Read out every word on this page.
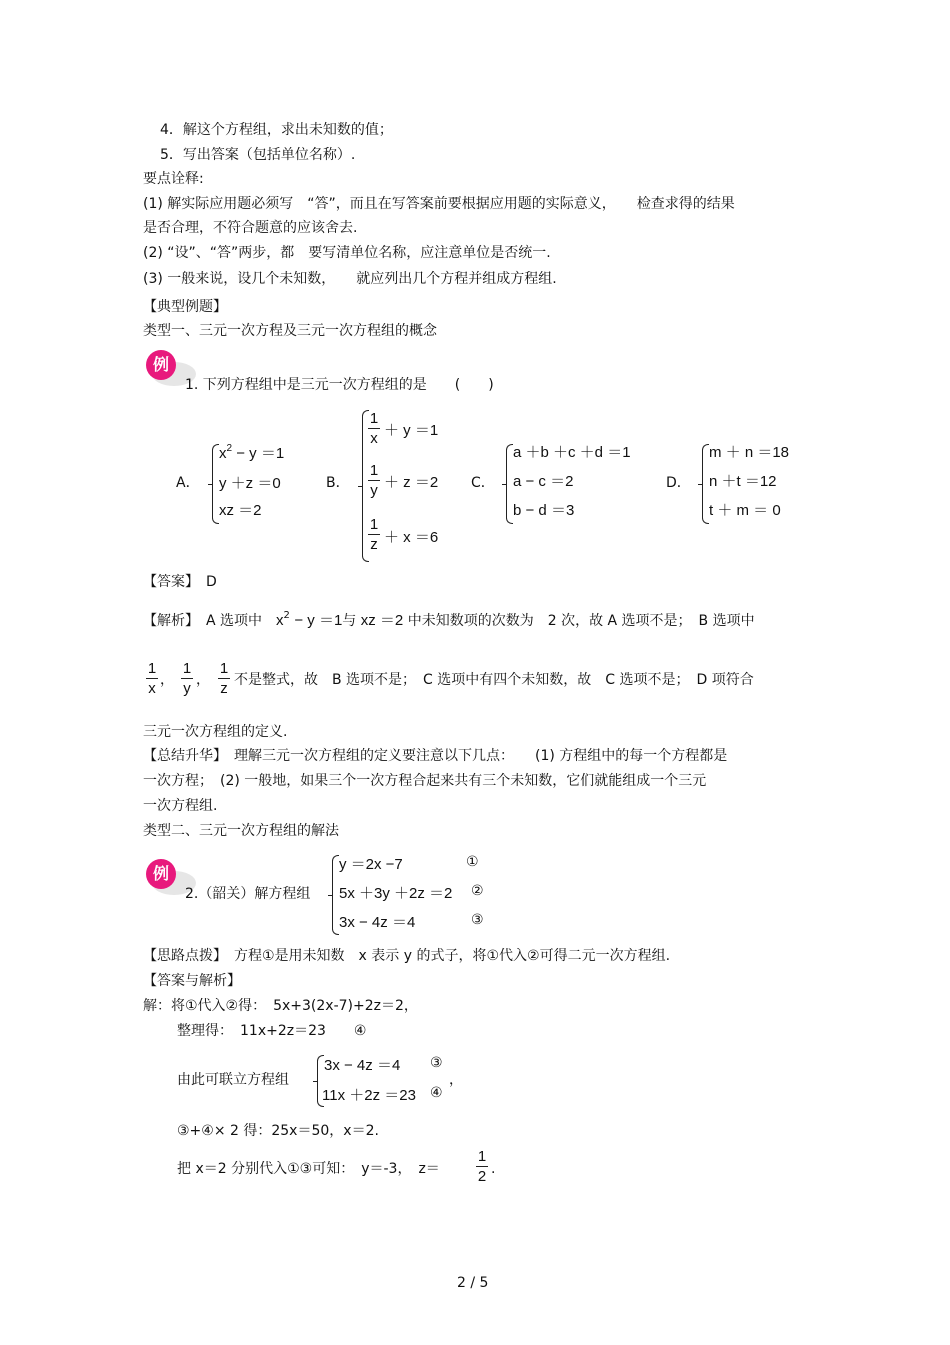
4．解这个方程组，求出未知数的值；
5．写出答案（包括单位名称）.
要点诠释:
(1) 解实际应用题必须写　“答”，而且在写答案前要根据应用题的实际意义，　　检查求得的结果
是否合理，不符合题意的应该舍去.
(2) “设”、“答”两步，都　要写清单位名称，应注意单位是否统一.
(3) 一般来说，设几个未知数，　　就应列出几个方程并组成方程组.
【典型例题】
类型一、三元一次方程及三元一次方程组的概念
例
1. 下列方程组中是三元一次方程组的是　　(　　)
A．
$x^2 - y =1$
y ＋z ＝0
xz ＝2
B．
1
x ＋ y ＝1
1
y ＋ z ＝2
1
z ＋ x ＝6
C．
a ＋b ＋c ＋d ＝1
a − c ＝2
b − d ＝3
D．
m ＋ n ＝18
n ＋t ＝12
t ＋ m ＝ 0
【答案】　 D
【解析】　 A 选项中　 $x^2 - y =1$与 xz ＝2 中未知数项的次数为　2 次，故 A 选项不是；　B 选项中
1
x ，
1
y ，
1
z 不是整式，故　B 选项不是；　C 选项中有四个未知数，故　C 选项不是；　D 项符合
三元一次方程组的定义.
【总结升华】　理解三元一次方程组的定义要注意以下几点：　　(1) 方程组中的每一个方程都是
一次方程；　(2) 一般地，如果三个一次方程合起来共有三个未知数，它们就能组成一个三元
一次方程组.
类型二、三元一次方程组的解法
例
2.（韶关）解方程组
y ＝2x −7
5x ＋3y ＋2z ＝2
3x − 4z ＝4
①
②
③
【思路点拨】　方程①是用未知数　x 表示 y 的式子，将①代入②可得二元一次方程组.
【答案与解析】
解：将①代入②得：　5x+3(2x-7)+2z＝2，
整理得：　11x+2z＝23　　④
由此可联立方程组
3x − 4z ＝4
11x ＋2z ＝23
③
④
，
③+④× 2 得：25x＝50，x＝2.
把 x＝2 分别代入①③可知：　y＝-3，　z＝
1
2 .
2 / 5
